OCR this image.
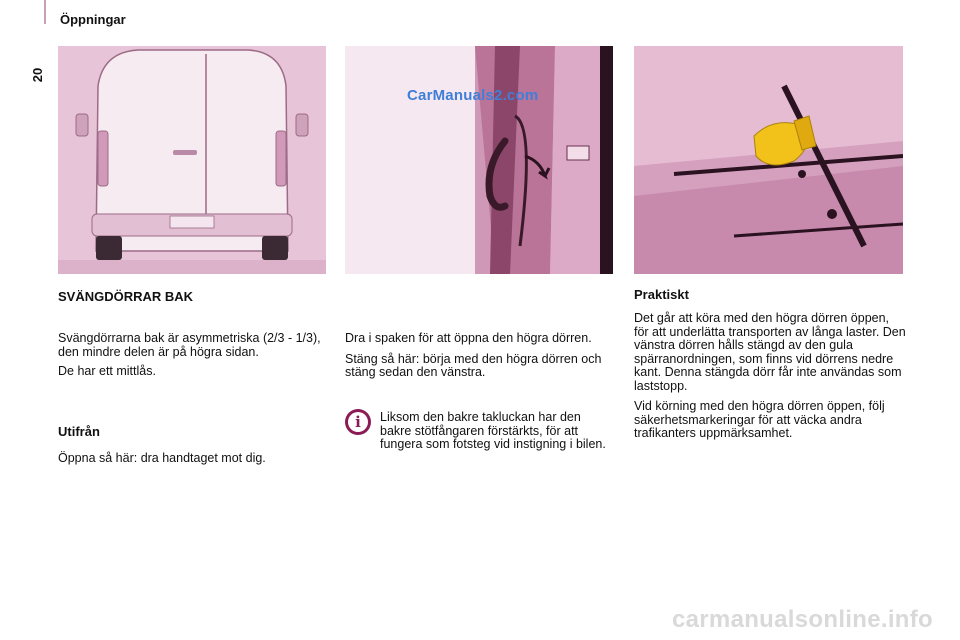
20
Öppningar
CarManuals2.com
SVÄNGDÖRRAR BAK

Svängdörrarna bak är asymmetriska (2/3 - 1/3), den mindre delen är på högra sidan.

De har ett mittlås.

Utifrån

Öppna så här: dra handtaget mot dig.

Dra i spaken för att öppna den högra dörren.

Stäng så här: börja med den högra dörren och stäng sedan den vänstra.

i	Liksom den bakre takluckan har den bakre stötfångaren förstärkts, för att fungera som fotsteg vid instigning i bilen.

Praktiskt

Det går att köra med den högra dörren öppen, för att underlätta transporten av långa laster. Den vänstra dörren hålls stängd av den gula spärranordningen, som finns vid dörrens nedre kant. Denna stängda dörr får inte användas som laststopp.

Vid körning med den högra dörren öppen, följ säkerhetsmarkeringar för att väcka andra trafikanters uppmärksamhet.

carmanualsonline.info
